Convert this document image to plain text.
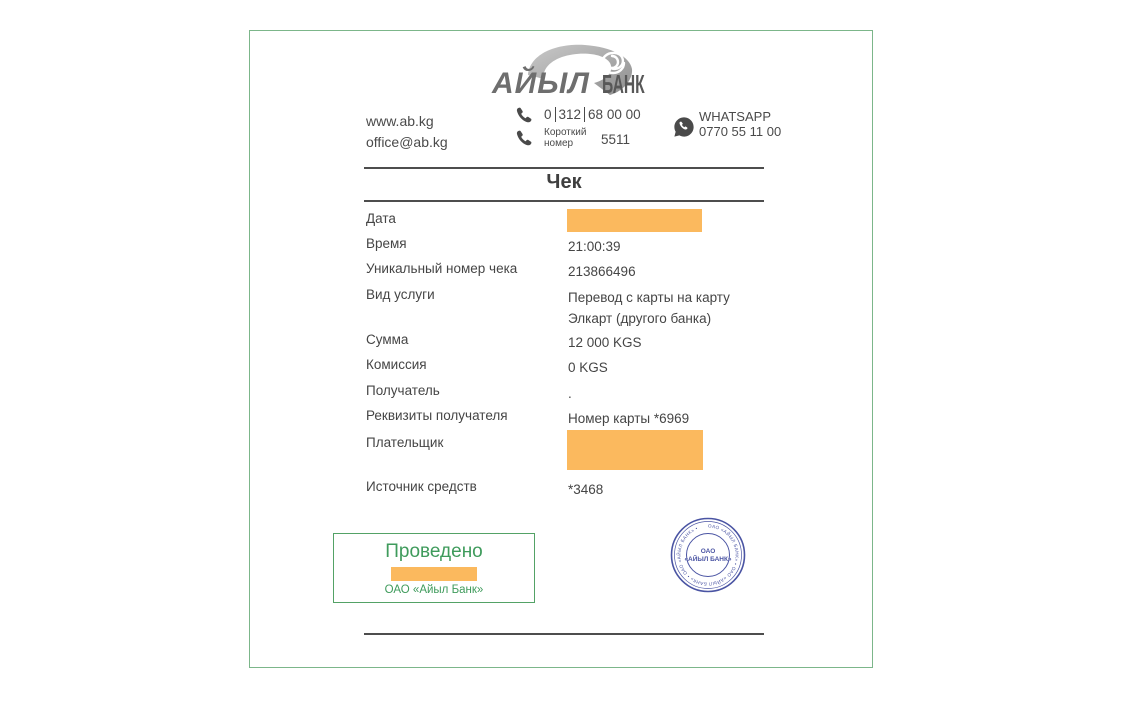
АЙЫЛ БАНК
www.ab.kg
office@ab.kg
0 312 68 00 00
Короткий
номер	5511
WHATSAPP
0770 55 11 00
Чек
Дата
Время	21:00:39
Уникальный номер чека	213866496
Вид услуги	Перевод с карты на карту Элкарт (другого банка)
Сумма	12 000 KGS
Комиссия	0 KGS
Получатель	.
Реквизиты получателя	Номер карты *6969
Плательщик
Источник средств	*3468
Проведено
ОАО «Айыл Банк»
ОАО «АЙЫЛ БАНК» • ОАО «АЙЫЛ БАНК» • ОАО «АЙЫЛ БАНК» •
ОАО
«АЙЫЛ БАНК»
